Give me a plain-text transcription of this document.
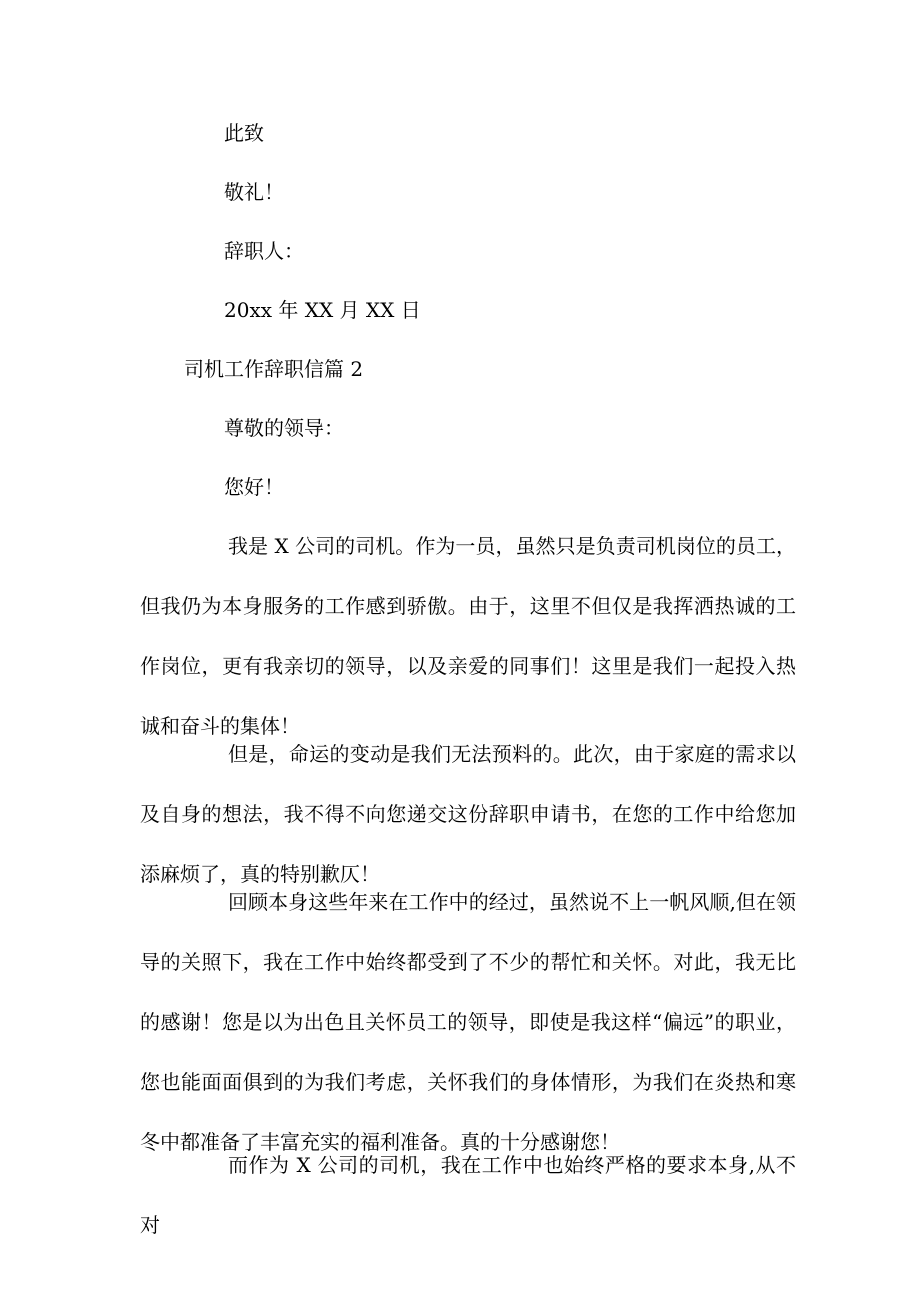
此致
敬礼！
辞职人：
20xx 年 XX 月 XX 日
司机工作辞职信篇 2
尊敬的领导：
您好！

我是 X 公司的司机。作为一员，虽然只是负责司机岗位的员工，但我仍为本身服务的工作感到骄傲。由于，这里不但仅是我挥洒热诚的工作岗位，更有我亲切的领导，以及亲爱的同事们！这里是我们一起投入热诚和奋斗的集体！

但是，命运的变动是我们无法预料的。此次，由于家庭的需求以及自身的想法，我不得不向您递交这份辞职申请书，在您的工作中给您加添麻烦了，真的特别歉仄！

回顾本身这些年来在工作中的经过，虽然说不上一帆风顺,但在领导的关照下，我在工作中始终都受到了不少的帮忙和关怀。对此，我无比的感谢！您是以为出色且关怀员工的领导，即使是我这样“偏远”的职业，您也能面面俱到的为我们考虑，关怀我们的身体情形，为我们在炎热和寒冬中都准备了丰富充实的福利准备。真的十分感谢您！

而作为 X 公司的司机，我在工作中也始终严格的要求本身,从不对
